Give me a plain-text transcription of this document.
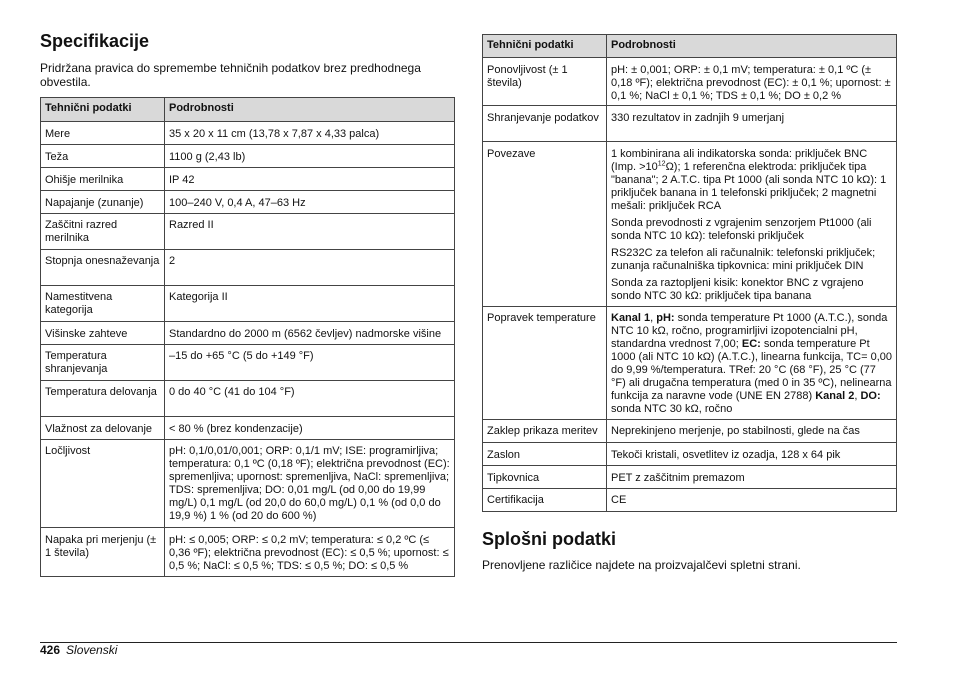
Specifikacije

Pridržana pravica do spremembe tehničnih podatkov brez predhodnega obvestila.

Tehnični podatki	Podrobnosti
Mere	35 x 20 x 11 cm (13,78 x 7,87 x 4,33 palca)
Teža	1100 g (2,43 lb)
Ohišje merilnika	IP 42
Napajanje (zunanje)	100–240 V, 0,4 A, 47–63 Hz
Zaščitni razred merilnika	Razred II
Stopnja onesnaževanja	2
Namestitvena kategorija	Kategorija II
Višinske zahteve	Standardno do 2000 m (6562 čevljev) nadmorske višine
Temperatura shranjevanja	–15 do +65 °C (5 do +149 °F)
Temperatura delovanja	0 do 40 °C (41 do 104 °F)
Vlažnost za delovanje	< 80 % (brez kondenzacije)
Ločljivost	pH: 0,1/0,01/0,001; ORP: 0,1/1 mV; ISE: programirljiva; temperatura: 0,1 ºC (0,18 ºF); električna prevodnost (EC): spremenljiva; upornost: spremenljiva, NaCl: spremenljiva; TDS: spremenljiva; DO: 0,01 mg/L (od 0,00 do 19,99 mg/L) 0,1 mg/L (od 20,0 do 60,0 mg/L) 0,1 % (od 0,0 do 19,9 %) 1 % (od 20 do 600 %)
Napaka pri merjenju (± 1 števila)	pH: ≤ 0,005; ORP: ≤ 0,2 mV; temperatura: ≤ 0,2 ºC (≤ 0,36 ºF); električna prevodnost (EC): ≤ 0,5 %; upornost: ≤ 0,5 %; NaCl: ≤ 0,5 %; TDS: ≤ 0,5 %; DO: ≤ 0,5 %
Tehnični podatki	Podrobnosti
Ponovljivost (± 1 števila)	pH: ± 0,001; ORP: ± 0,1 mV; temperatura: ± 0,1 ºC (± 0,18 ºF); električna prevodnost (EC): ± 0,1 %; upornost: ± 0,1 %; NaCl ± 0,1 %; TDS ± 0,1 %; DO ± 0,2 %
Shranjevanje podatkov	330 rezultatov in zadnjih 9 umerjanj
Povezave	1 kombinirana ali indikatorska sonda: priključek BNC (Imp. $>10^{12}\Omega$); 1 referenčna elektroda: priključek tipa "banana"; 2 A.T.C. tipa Pt 1000 (ali sonda NTC 10 kΩ): 1 priključek banana in 1 telefonski priključek; 2 magnetni mešali: priključek RCA

Sonda prevodnosti z vgrajenim senzorjem Pt1000 (ali sonda NTC 10 kΩ): telefonski priključek

RS232C za telefon ali računalnik: telefonski priključek; zunanja računalniška tipkovnica: mini priključek DIN

Sonda za raztopljeni kisik: konektor BNC z vgrajeno sondo NTC 30 kΩ: priključek tipa banana

Popravek temperature	Kanal 1, pH: sonda temperature Pt 1000 (A.T.C.), sonda NTC 10 kΩ, ročno, programirljivi izopotencialni pH, standardna vrednost 7,00; EC: sonda temperature Pt 1000 (ali NTC 10 kΩ) (A.T.C.), linearna funkcija, TC= 0,00 do 9,99 %/temperatura. TRef: 20 °C (68 °F), 25 °C (77 °F) ali drugačna temperatura (med 0 in 35 ºC), nelinearna funkcija za naravne vode (UNE EN 2788) Kanal 2, DO: sonda NTC 30 kΩ, ročno
Zaklep prikaza meritev	Neprekinjeno merjenje, po stabilnosti, glede na čas
Zaslon	Tekoči kristali, osvetlitev iz ozadja, 128 x 64 pik
Tipkovnica	PET z zaščitnim premazom
Certifikacija	CE
Splošni podatki

Prenovljene različice najdete na proizvajalčevi spletni strani.

426 Slovenski
